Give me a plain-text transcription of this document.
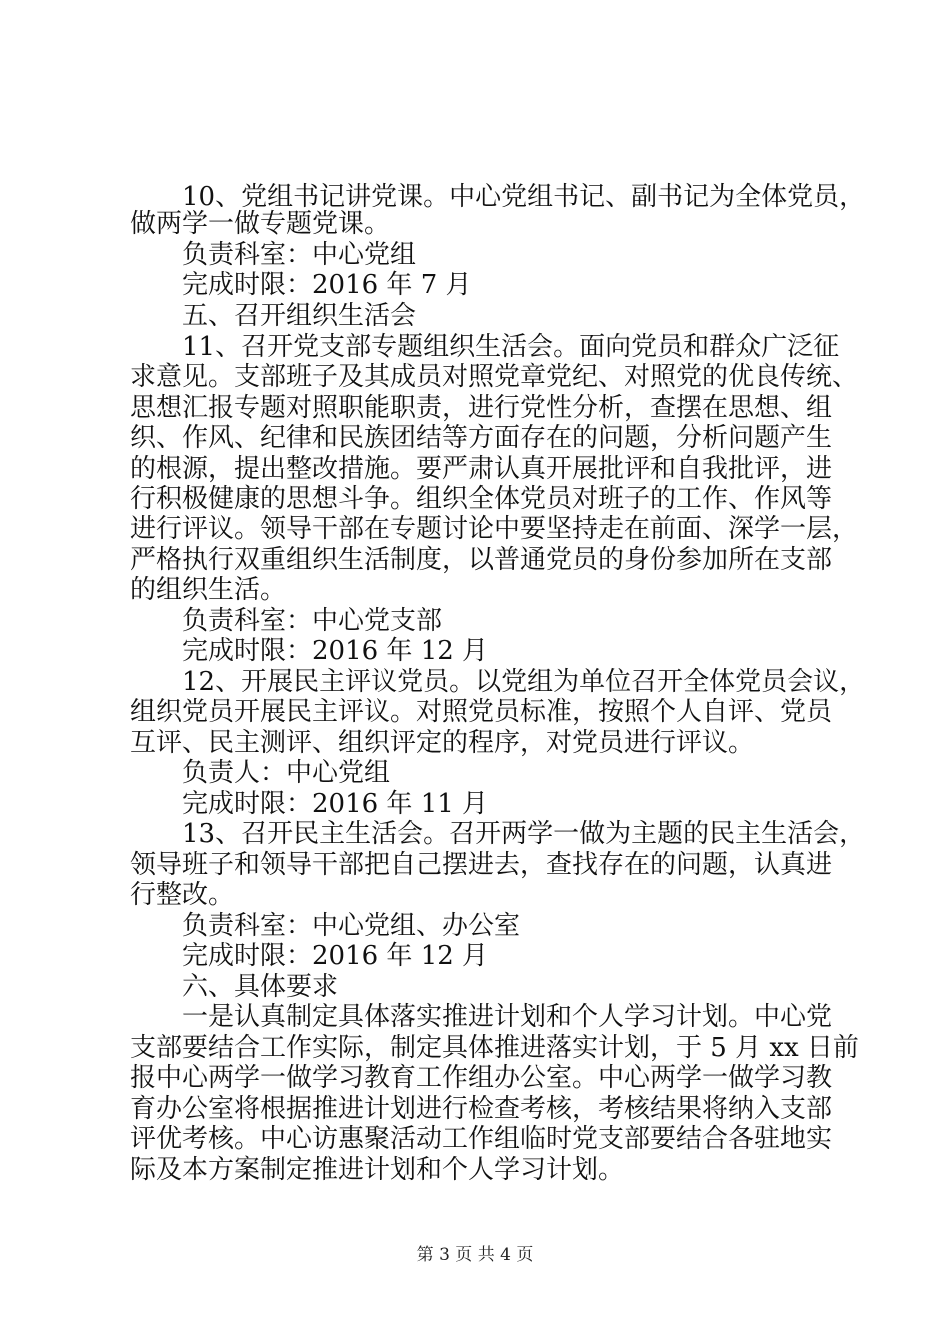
10、党组书记讲党课。中心党组书记、副书记为全体党员，
做两学一做专题党课。
负责科室：中心党组
完成时限：2016 年 7 月
五、召开组织生活会
11、召开党支部专题组织生活会。面向党员和群众广泛征
求意见。支部班子及其成员对照党章党纪、对照党的优良传统、
思想汇报专题对照职能职责，进行党性分析，查摆在思想、组
织、作风、纪律和民族团结等方面存在的问题，分析问题产生
的根源，提出整改措施。要严肃认真开展批评和自我批评，进
行积极健康的思想斗争。组织全体党员对班子的工作、作风等
进行评议。领导干部在专题讨论中要坚持走在前面、深学一层，
严格执行双重组织生活制度，以普通党员的身份参加所在支部
的组织生活。
负责科室：中心党支部
完成时限：2016 年 12 月
12、开展民主评议党员。以党组为单位召开全体党员会议，
组织党员开展民主评议。对照党员标准，按照个人自评、党员
互评、民主测评、组织评定的程序，对党员进行评议。
负责人：中心党组
完成时限：2016 年 11 月
13、召开民主生活会。召开两学一做为主题的民主生活会，
领导班子和领导干部把自己摆进去，查找存在的问题，认真进
行整改。
负责科室：中心党组、办公室
完成时限：2016 年 12 月
六、具体要求
一是认真制定具体落实推进计划和个人学习计划。中心党
支部要结合工作实际，制定具体推进落实计划，于 5 月 xx 日前
报中心两学一做学习教育工作组办公室。中心两学一做学习教
育办公室将根据推进计划进行检查考核，考核结果将纳入支部
评优考核。中心访惠聚活动工作组临时党支部要结合各驻地实
际及本方案制定推进计划和个人学习计划。
第 3 页 共 4 页
